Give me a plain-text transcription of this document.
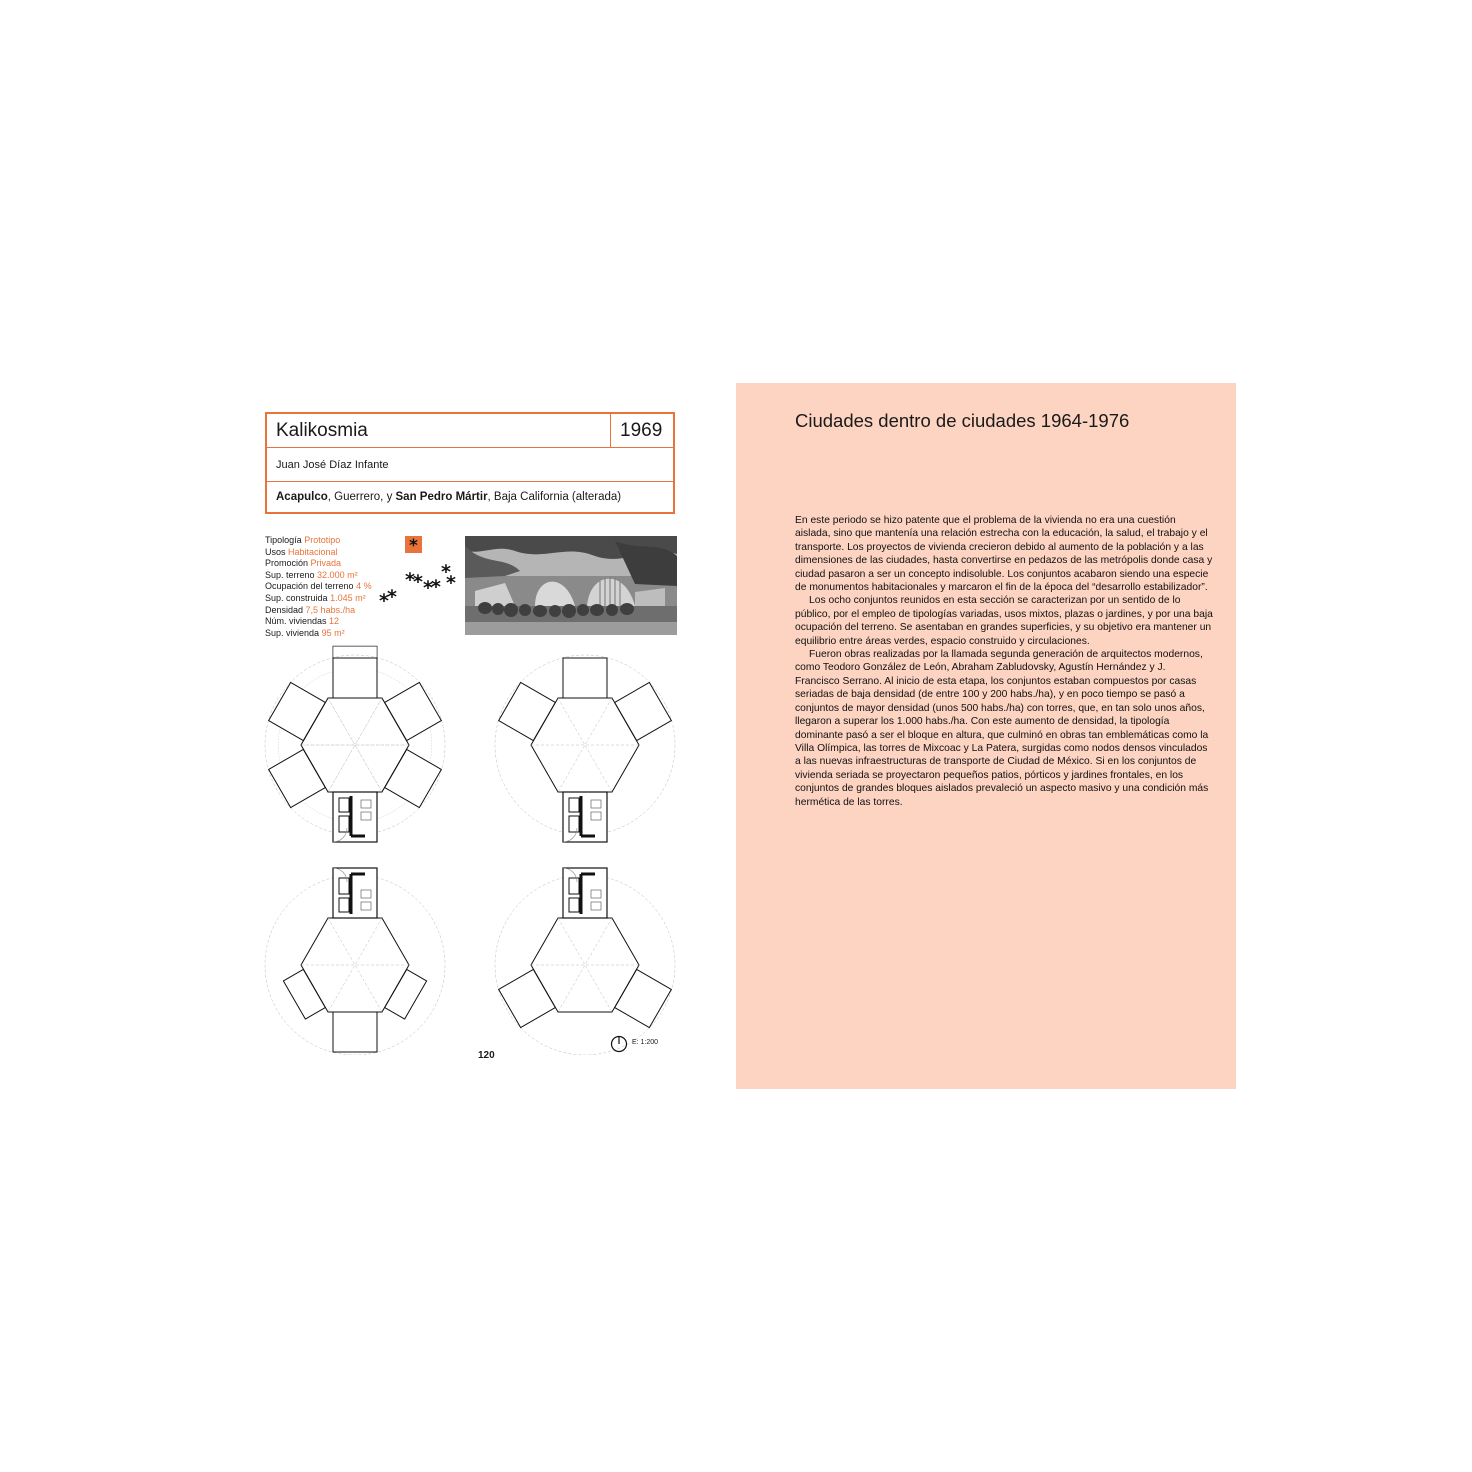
Kalikosmia	1969
Juan José Díaz Infante
Acapulco, Guerrero, y San Pedro Mártir, Baja California (alterada)
Tipología Prototipo
Usos Habitacional
Promoción Privada
Sup. terreno 32.000 m²
Ocupación del terreno 4 %
Sup. construida 1.045 m²
Densidad 7,5 habs./ha
Núm. viviendas 12
Sup. vivienda 95 m²
*
*
* *
*
*
*
*
*
E: 1:200
120
Ciudades dentro de ciudades 1964-1976

En este periodo se hizo patente que el problema de la vivienda no era una cuestión aislada, sino que mantenía una relación estrecha con la educación, la salud, el trabajo y el transporte. Los proyectos de vivienda crecieron debido al aumento de la población y a las dimensiones de las ciudades, hasta convertirse en pedazos de las metrópolis donde casa y ciudad pasaron a ser un concepto indisoluble. Los conjuntos acabaron siendo una especie de monumentos habitacionales y marcaron el fin de la época del “desarrollo estabilizador”.

Los ocho conjuntos reunidos en esta sección se caracterizan por un sentido de lo público, por el empleo de tipologías variadas, usos mixtos, plazas o jardines, y por una baja ocupación del terreno. Se asentaban en grandes superficies, y su objetivo era mantener un equilibrio entre áreas verdes, espacio construido y circulaciones.

Fueron obras realizadas por la llamada segunda generación de arquitectos modernos, como Teodoro González de León, Abraham Zabludovsky, Agustín Hernández y J. Francisco Serrano. Al inicio de esta etapa, los conjuntos estaban compuestos por casas seriadas de baja densidad (de entre 100 y 200 habs./ha), y en poco tiempo se pasó a conjuntos de mayor densidad (unos 500 habs./ha) con torres, que, en tan solo unos años, llegaron a superar los 1.000 habs./ha. Con este aumento de densidad, la tipología dominante pasó a ser el bloque en altura, que culminó en obras tan emblemáticas como la Villa Olímpica, las torres de Mixcoac y La Patera, surgidas como nodos densos vinculados a las nuevas infraestructuras de transporte de Ciudad de México. Si en los conjuntos de vivienda seriada se proyectaron pequeños patios, pórticos y jardines frontales, en los conjuntos de grandes bloques aislados prevaleció un aspecto masivo y una condición más hermética de las torres.
